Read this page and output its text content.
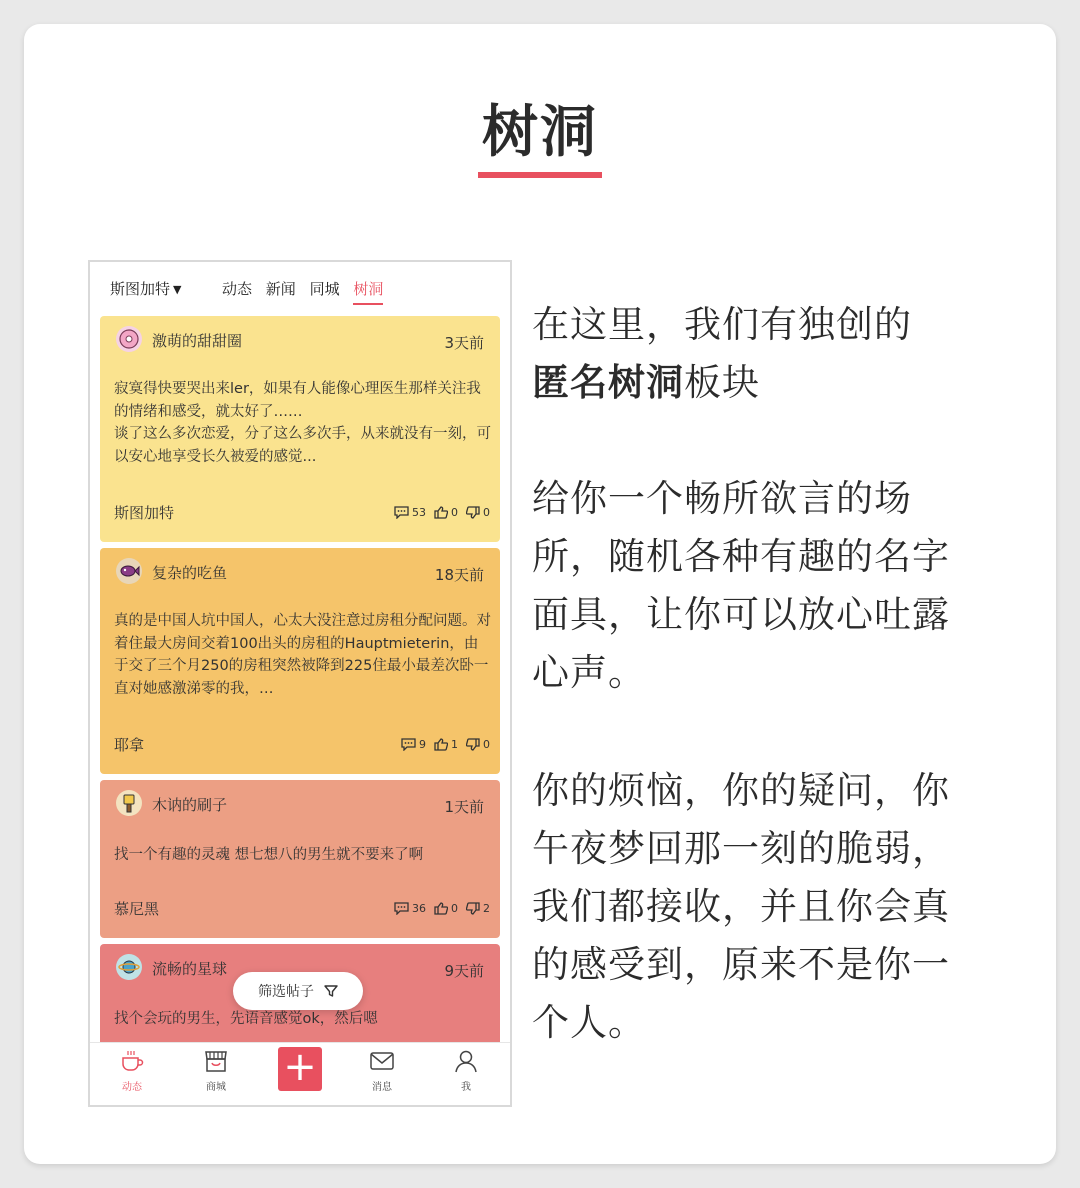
树洞
斯图加特 ▼	动态 新闻 同城 树洞
激萌的甜甜圈	3天前
寂寞得快要哭出来ler，如果有人能像心理医生那样关注我的情绪和感受，就太好了……
谈了这么多次恋爱，分了这么多次手，从来就没有一刻，可以安心地享受长久被爱的感觉...
斯图加特	53 0 0
复杂的吃鱼	18天前
真的是中国人坑中国人，心太大没注意过房租分配问题。对着住最大房间交着100出头的房租的Hauptmieterin，由于交了三个月250的房租突然被降到225住最小最差次卧一直对她感激涕零的我，…
耶拿	9 1 0
木讷的刷子	1天前
找一个有趣的灵魂 想七想八的男生就不要来了啊
慕尼黑	36 0 2
流畅的星球	9天前
找个会玩的男生，先语音感觉ok，然后嗯
筛选帖子
动态	商城	+	消息	我
在这里，我们有独创的
匿名树洞板块
给你一个畅所欲言的场
所，随机各种有趣的名字
面具，让你可以放心吐露
心声。
你的烦恼，你的疑问，你
午夜梦回那一刻的脆弱，
我们都接收，并且你会真
的感受到，原来不是你一
个人。
